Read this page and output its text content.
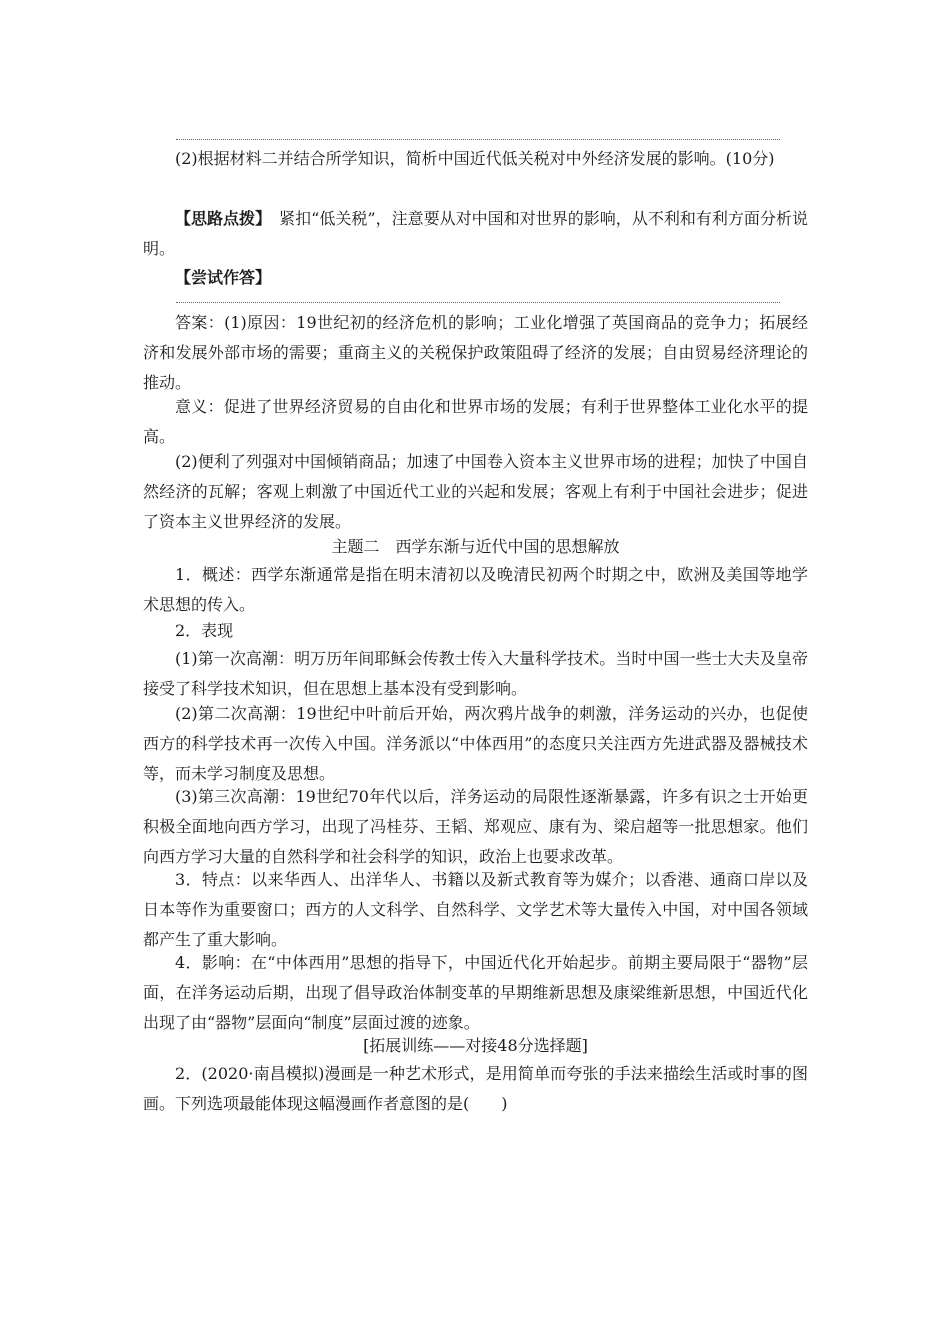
(2)根据材料二并结合所学知识，简析中国近代低关税对中外经济发展的影响。(10分)

【思路点拨】　紧扣“低关税”，注意要从对中国和对世界的影响，从不利和有利方面分析说明。

【尝试作答】

答案：(1)原因：19世纪初的经济危机的影响；工业化增强了英国商品的竞争力；拓展经济和发展外部市场的需要；重商主义的关税保护政策阻碍了经济的发展；自由贸易经济理论的推动。

意义：促进了世界经济贸易的自由化和世界市场的发展；有利于世界整体工业化水平的提高。

(2)便利了列强对中国倾销商品；加速了中国卷入资本主义世界市场的进程；加快了中国自然经济的瓦解；客观上刺激了中国近代工业的兴起和发展；客观上有利于中国社会进步；促进了资本主义世界经济的发展。

主题二　西学东渐与近代中国的思想解放

1．概述：西学东渐通常是指在明末清初以及晚清民初两个时期之中，欧洲及美国等地学术思想的传入。

2．表现

(1)第一次高潮：明万历年间耶稣会传教士传入大量科学技术。当时中国一些士大夫及皇帝接受了科学技术知识，但在思想上基本没有受到影响。

(2)第二次高潮：19世纪中叶前后开始，两次鸦片战争的刺激，洋务运动的兴办，也促使西方的科学技术再一次传入中国。洋务派以“中体西用”的态度只关注西方先进武器及器械技术等，而未学习制度及思想。

(3)第三次高潮：19世纪70年代以后，洋务运动的局限性逐渐暴露，许多有识之士开始更积极全面地向西方学习，出现了冯桂芬、王韬、郑观应、康有为、梁启超等一批思想家。他们向西方学习大量的自然科学和社会科学的知识，政治上也要求改革。

3．特点：以来华西人、出洋华人、书籍以及新式教育等为媒介；以香港、通商口岸以及日本等作为重要窗口；西方的人文科学、自然科学、文学艺术等大量传入中国，对中国各领域都产生了重大影响。

4．影响：在“中体西用”思想的指导下，中国近代化开始起步。前期主要局限于“器物”层面，在洋务运动后期，出现了倡导政治体制变革的早期维新思想及康梁维新思想，中国近代化出现了由“器物”层面向“制度”层面过渡的迹象。

[拓展训练——对接48分选择题]

2．(2020·南昌模拟)漫画是一种艺术形式，是用简单而夸张的手法来描绘生活或时事的图画。下列选项最能体现这幅漫画作者意图的是(　　)
